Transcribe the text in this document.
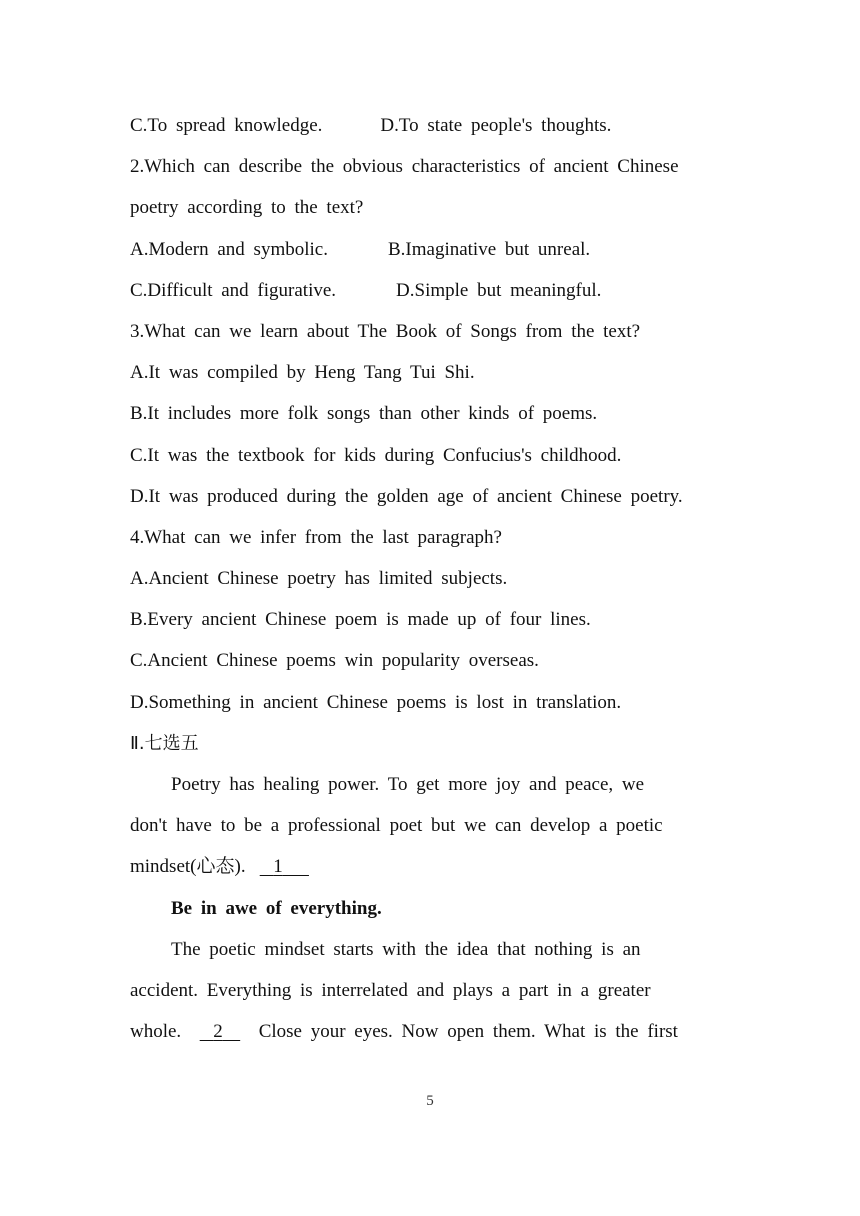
C.To spread knowledge.	D.To state people's thoughts.
2.Which can describe the obvious characteristics of ancient Chinese
poetry according to the text?
A.Modern and symbolic.	B.Imaginative but unreal.
C.Difficult and figurative.	D.Simple but meaningful.
3.What can we learn about The Book of Songs from the text?
A.It was compiled by Heng Tang Tui Shi.
B.It includes more folk songs than other kinds of poems.
C.It was the textbook for kids during Confucius's childhood.
D.It was produced during the golden age of ancient Chinese poetry.
4.What can we infer from the last paragraph?
A.Ancient Chinese poetry has limited subjects.
B.Every ancient Chinese poem is made up of four lines.
C.Ancient Chinese poems win popularity overseas.
D.Something in ancient Chinese poems is lost in translation.
Ⅱ.七选五
Poetry has healing power. To get more joy and peace, we
don't have to be a professional poet but we can develop a poetic
mindset(心态). 1
Be in awe of everything.
The poetic mindset starts with the idea that nothing is an
accident. Everything is interrelated and plays a part in a greater
whole. 2 Close your eyes. Now open them. What is the first
5
